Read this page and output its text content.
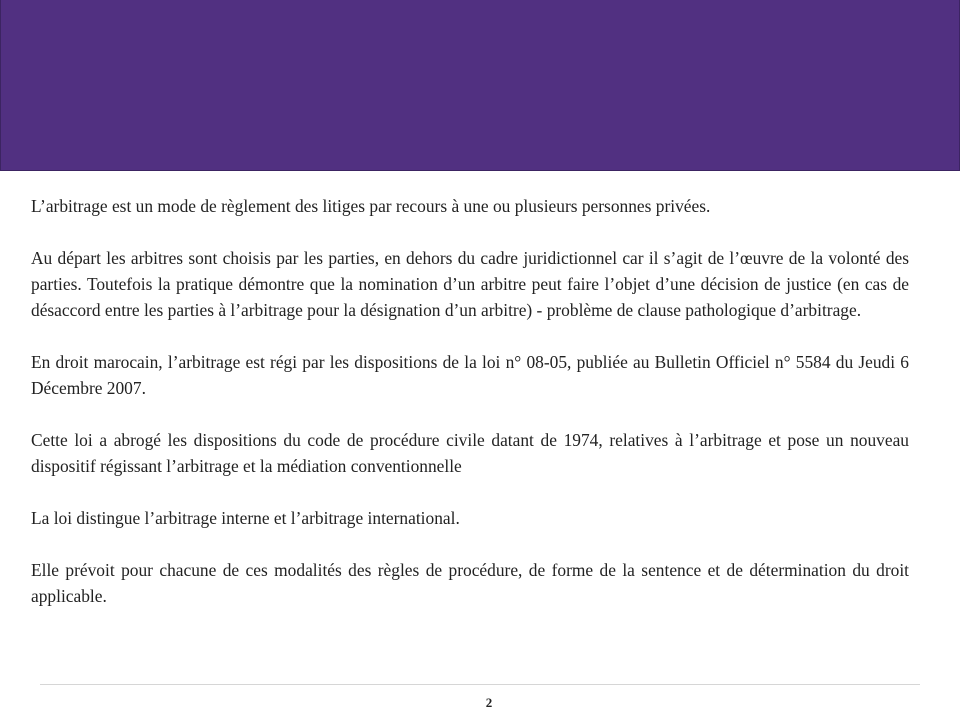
L’arbitrage est un mode de règlement des litiges par recours à une ou plusieurs personnes privées.

Au départ les arbitres sont choisis par les parties, en dehors du cadre juridictionnel car il s’agit de l’œuvre de la volonté des parties. Toutefois la pratique démontre que la nomination d’un arbitre peut faire l’objet d’une décision de justice (en cas de désaccord entre les parties à l’arbitrage pour la désignation d’un arbitre) - problème de clause pathologique d’arbitrage.

En droit marocain, l’arbitrage est régi par les dispositions de la loi n° 08-05, publiée au Bulletin Officiel n° 5584 du Jeudi 6 Décembre 2007.

Cette loi a abrogé les dispositions du code de procédure civile datant de 1974, relatives à l’arbitrage et pose un nouveau dispositif régissant l’arbitrage et la médiation conventionnelle

La loi distingue l’arbitrage interne et l’arbitrage international.

Elle prévoit pour chacune de ces modalités des règles de procédure, de forme de la sentence et de détermination du droit applicable.

2
